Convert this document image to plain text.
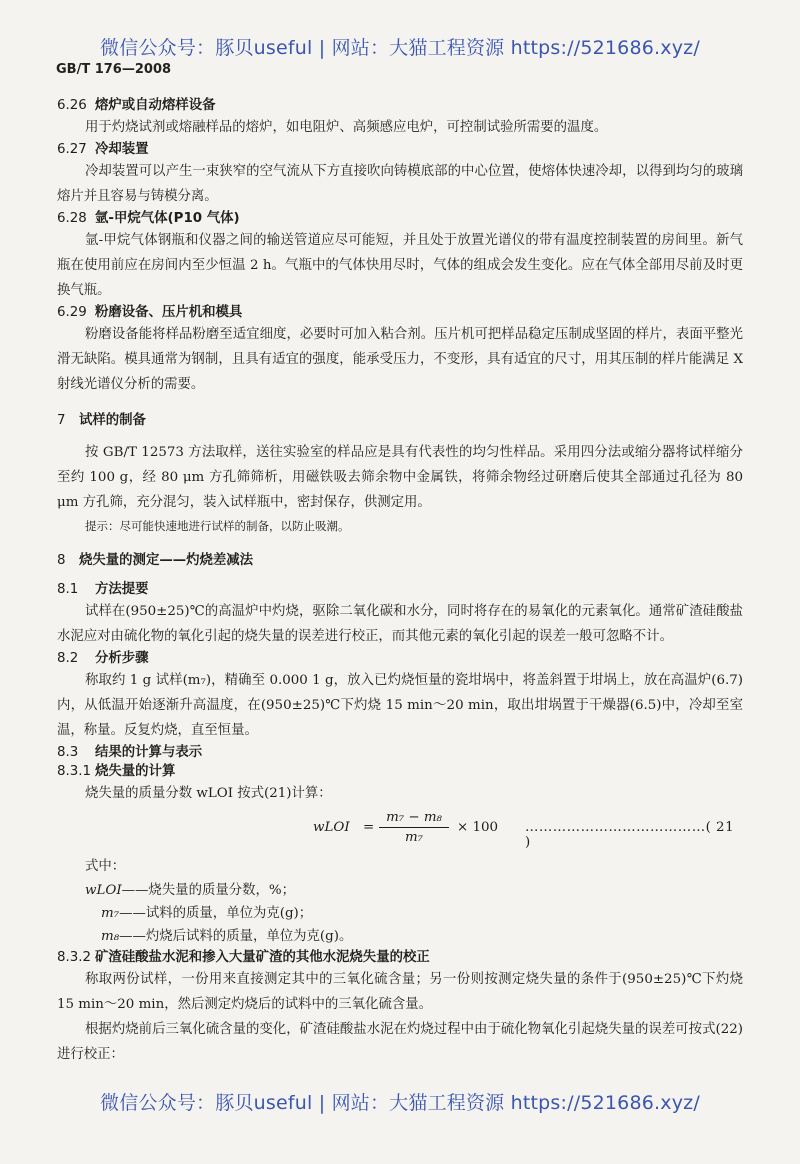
微信公众号：豚贝useful | 网站：大猫工程资源 https://521686.xyz/
GB/T 176—2008
6.26 熔炉或自动熔样设备

用于灼烧试剂或熔融样品的熔炉，如电阻炉、高频感应电炉，可控制试验所需要的温度。

6.27 冷却装置

冷却装置可以产生一束狭窄的空气流从下方直接吹向铸模底部的中心位置，使熔体快速冷却，以得到均匀的玻璃熔片并且容易与铸模分离。

6.28 氩-甲烷气体(P10 气体)

氩-甲烷气体钢瓶和仪器之间的输送管道应尽可能短，并且处于放置光谱仪的带有温度控制装置的房间里。新气瓶在使用前应在房间内至少恒温 2 h。气瓶中的气体快用尽时，气体的组成会发生变化。应在气体全部用尽前及时更换气瓶。

6.29 粉磨设备、压片机和模具

粉磨设备能将样品粉磨至适宜细度，必要时可加入粘合剂。压片机可把样品稳定压制成坚固的样片，表面平整光滑无缺陷。模具通常为钢制，且具有适宜的强度，能承受压力，不变形，具有适宜的尺寸，用其压制的样片能满足 X 射线光谱仪分析的需要。

7 试样的制备

按 GB/T 12573 方法取样，送往实验室的样品应是具有代表性的均匀性样品。采用四分法或缩分器将试样缩分至约 100 g，经 80 μm 方孔筛筛析，用磁铁吸去筛余物中金属铁，将筛余物经过研磨后使其全部通过孔径为 80 μm 方孔筛，充分混匀，装入试样瓶中，密封保存，供测定用。

提示：尽可能快速地进行试样的制备，以防止吸潮。

8 烧失量的测定——灼烧差减法
8.1 方法提要

试样在(950±25)℃的高温炉中灼烧，驱除二氧化碳和水分，同时将存在的易氧化的元素氧化。通常矿渣硅酸盐水泥应对由硫化物的氧化引起的烧失量的误差进行校正，而其他元素的氧化引起的误差一般可忽略不计。

8.2 分析步骤

称取约 1 g 试样(m₇)，精确至 0.000 1 g，放入已灼烧恒量的瓷坩埚中，将盖斜置于坩埚上，放在高温炉(6.7)内，从低温开始逐渐升高温度，在(950±25)℃下灼烧 15 min～20 min，取出坩埚置于干燥器(6.5)中，冷却至室温，称量。反复灼烧，直至恒量。

8.3 结果的计算与表示
8.3.1 烧失量的计算

烧失量的质量分数 wLOI 按式(21)计算：

wLOI = $\frac{\text{m₇ − m₈}}{\text{m₇}} \times 100$ …………………………………( 21 )

式中：

wLOI——烧失量的质量分数，%；

m₇——试料的质量，单位为克(g)；

m₈——灼烧后试料的质量，单位为克(g)。

8.3.2 矿渣硅酸盐水泥和掺入大量矿渣的其他水泥烧失量的校正

称取两份试样，一份用来直接测定其中的三氧化硫含量；另一份则按测定烧失量的条件于(950±25)℃下灼烧 15 min～20 min，然后测定灼烧后的试料中的三氧化硫含量。

根据灼烧前后三氧化硫含量的变化，矿渣硅酸盐水泥在灼烧过程中由于硫化物氧化引起烧失量的误差可按式(22)进行校正：

微信公众号：豚贝useful | 网站：大猫工程资源 https://521686.xyz/
